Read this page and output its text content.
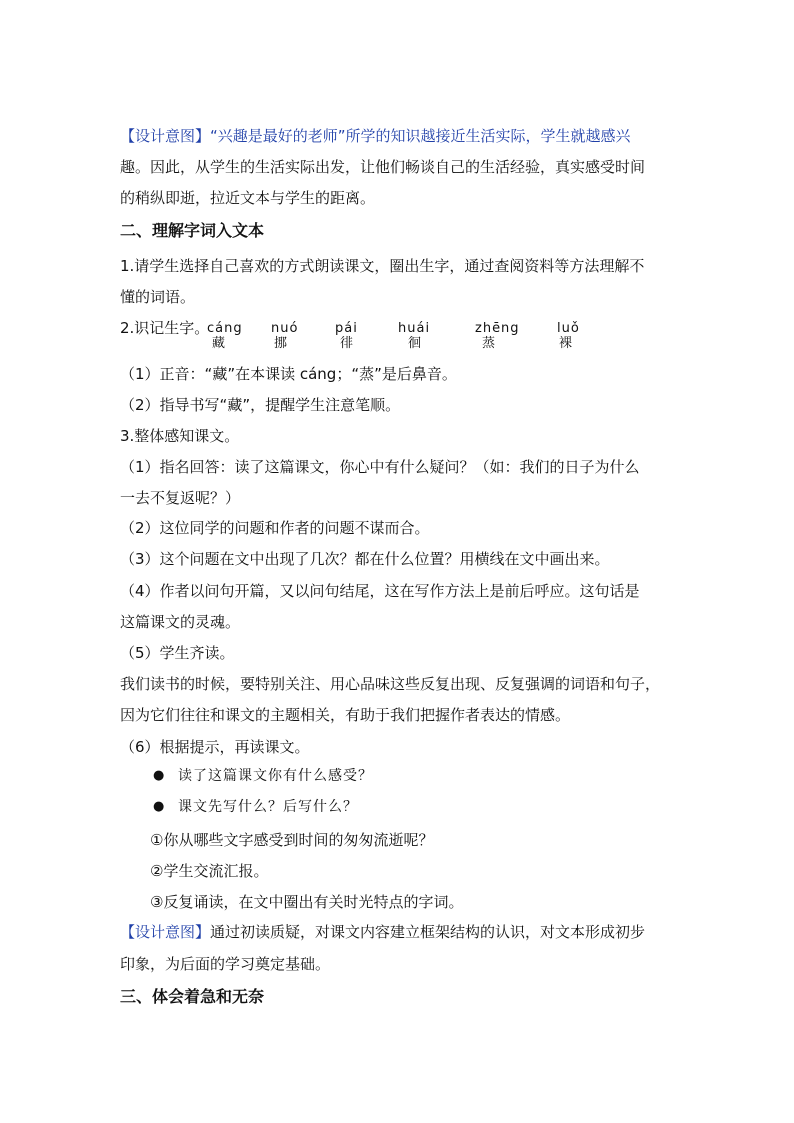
【设计意图】“兴趣是最好的老师”所学的知识越接近生活实际，学生就越感兴
趣。因此，从学生的生活实际出发，让他们畅谈自己的生活经验，真实感受时间
的稍纵即逝，拉近文本与学生的距离。
二、理解字词入文本
1.请学生选择自己喜欢的方式朗读课文，圈出生字，通过查阅资料等方法理解不
懂的词语。
2.识记生字。
cáng
藏
nuó
挪
pái
徘
huái
徊
zhēng
蒸
luǒ
裸
（1）正音：“藏”在本课读 cáng；“蒸”是后鼻音。
（2）指导书写“藏”，提醒学生注意笔顺。
3.整体感知课文。
（1）指名回答：读了这篇课文，你心中有什么疑问？（如：我们的日子为什么
一去不复返呢？）
（2）这位同学的问题和作者的问题不谋而合。
（3）这个问题在文中出现了几次？都在什么位置？用横线在文中画出来。
（4）作者以问句开篇，又以问句结尾，这在写作方法上是前后呼应。这句话是
这篇课文的灵魂。
（5）学生齐读。
我们读书的时候，要特别关注、用心品味这些反复出现、反复强调的词语和句子，
因为它们往往和课文的主题相关，有助于我们把握作者表达的情感。
（6）根据提示，再读课文。
● 读了这篇课文你有什么感受？
● 课文先写什么？后写什么？
①你从哪些文字感受到时间的匆匆流逝呢？
②学生交流汇报。
③反复诵读，在文中圈出有关时光特点的字词。
【设计意图】通过初读质疑，对课文内容建立框架结构的认识，对文本形成初步
印象，为后面的学习奠定基础。
三、体会着急和无奈
